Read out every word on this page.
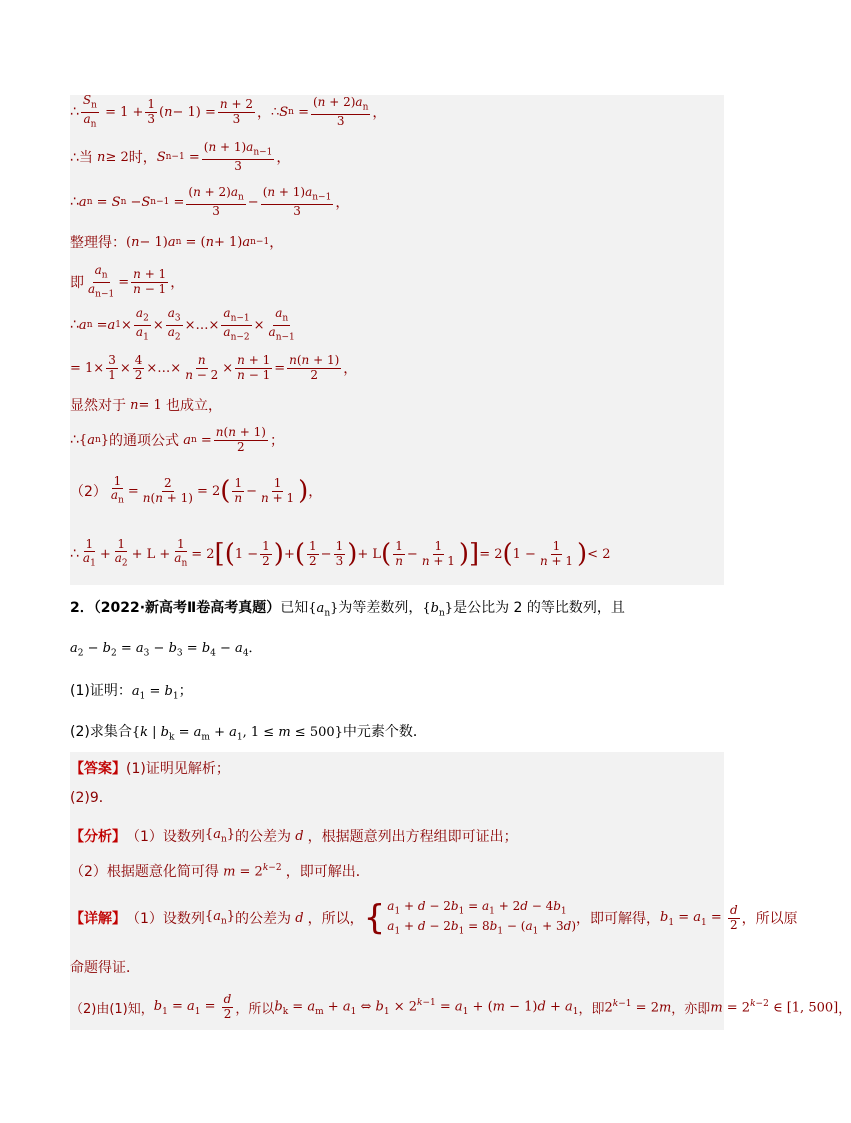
∴ $\frac{S_n}{a_n} = 1 + \frac{1}{3}$ ( $n - 1) = \frac{n + 2}{3}$ ， ∴ S $n = \frac{(n + 2)a_n}{3}$ ，
∴当 n ≥ 2 时， S $n-1 = \frac{(n + 1)a_{n-1}}{3}$ ，
∴ a n = S n − S $n-1 = \frac{(n + 2)a_n}{3} - \frac{(n + 1)a_{n-1}}{3}$ ，
整理得： ( n − 1) a n = ( n + 1) a n−1 ，
即 $\frac{a_n}{a_{n-1}} = \frac{n + 1}{n - 1}$ ，
∴ a n = a $1 \times \frac{a_2}{a_1} \times \frac{a_3}{a_2}$ ×…× $\frac{a_{n-1}}{a_{n-2}} \times \frac{a_n}{a_{n-1}}$
= $1\times \frac{3}{1} \times \frac{4}{2}$ ×…× $\frac{n}{n - 2} \times \frac{n + 1}{n - 1} = \frac{n(n + 1)}{2}$ ，
显然对于
n = 1 也成立，
∴ { a n } 的通项公式
a $n = \frac{n(n + 1)}{2}$ ；
$(2) \frac{1}{a_n} = \frac{2}{n(n + 1)} = 2$ ( $\frac{1}{n} - \frac{1}{n + 1}$ ) ，
∴ $\frac{1}{a_1} + \frac{1}{a_2} + L + \frac{1}{a_n} = 2$ [ ( $1 - \frac{1}{2}$ ) + ( $\frac{1}{2} - \frac{1}{3}$ ) + L ( $\frac{1}{n} - \frac{1}{n + 1}$ ) ] = 2 ( $1 - \frac{1}{n + 1}$ ) < 2
2．（2022·新高考Ⅱ卷高考真题）已知$\{a_n\}$为等差数列，$\{b_n\}$是公比为 2 的等比数列，且
$a_2 - b_2 = a_3 - b_3 = b_4 - a_4$．
(1)证明：$a_1 = b_1$；
(2)求集合{k | $b_k = a_m + a_1$, 1 ≤ m ≤ 500}中元素个数．
【答案】 (1)证明见解析；
(2)9．
【分析】 （1）设数列 $\{a_n\}$ 的公差为 d ，根据题意列出方程组即可证出；
（2）根据题意化简可得 $m = 2^{k-2}$ ，即可解出．
【详解】 （1）设数列 $\{a_n\}$ 的公差为 d ，所以， { $a_1 + d - 2b_1 = a_1 + 2d - 4b_1$
$a_1 + d - 2b_1 = 8b_1 - (a_1 + 3d)$ ，即可解得， $b_1 = a_1 = \frac{d}{2}$ ，所以原
命题得证．
（2)由(1)知， $b_1 = a_1 = \frac{d}{2}$ ，所以 $b_k = a_m + a_1$ ⇔ $b_1 \times 2^{k-1} = a_1 + (m - 1)d + a_1$ ，即 $2^{k-1} = 2m$ ，亦即 $m = 2^{k-2}$ ∈ [1, 500] ，
